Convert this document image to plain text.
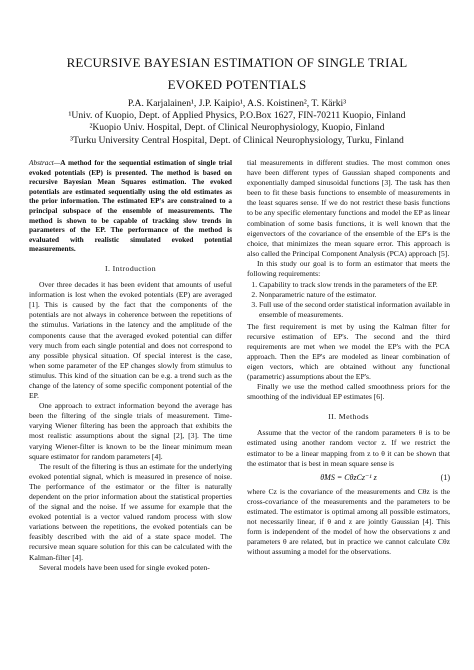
RECURSIVE BAYESIAN ESTIMATION OF SINGLE TRIAL
EVOKED POTENTIALS
P.A. Karjalainen¹, J.P. Kaipio¹, A.S. Koistinen², T. Kärki³
¹Univ. of Kuopio, Dept. of Applied Physics, P.O.Box 1627, FIN-70211 Kuopio, Finland
²Kuopio Univ. Hospital, Dept. of Clinical Neurophysiology, Kuopio, Finland
³Turku University Central Hospital, Dept. of Clinical Neurophysiology, Turku, Finland
Abstract—A method for the sequential estimation of single trial evoked potentials (EP) is presented. The method is based on recursive Bayesian Mean Squares estimation. The evoked potentials are estimated sequentially using the old estimates as the prior information. The estimated EP's are constrained to a principal subspace of the ensemble of measurements. The method is shown to be capable of tracking slow trends in parameters of the EP. The performance of the method is evaluated with realistic simulated evoked potential measurements.
I. Introduction

Over three decades it has been evident that amounts of useful information is lost when the evoked potentials (EP) are averaged [1]. This is caused by the fact that the components of the potentials are not always in coherence between the repetitions of the stimulus. Variations in the latency and the amplitude of the components cause that the averaged evoked potential can differ very much from each single potential and does not correspond to any possible physical situation. Of special interest is the case, when some parameter of the EP changes slowly from stimulus to stimulus. This kind of the situation can be e.g. a trend such as the change of the latency of some specific component potential of the EP.

One approach to extract information beyond the average has been the filtering of the single trials of measurement. Time-varying Wiener filtering has been the approach that exhibits the most realistic assumptions about the signal [2], [3]. The time varying Wiener-filter is known to be the linear minimum mean square estimator for random parameters [4].

The result of the filtering is thus an estimate for the underlying evoked potential signal, which is measured in presence of noise. The performance of the estimator or the filter is naturally dependent on the prior information about the statistical properties of the signal and the noise. If we assume for example that the evoked potential is a vector valued random process with slow variations between the repetitions, the evoked potentials can be feasibly described with the aid of a state space model. The recursive mean square solution for this can be calculated with the Kalman-filter [4].

Several models have been used for single evoked poten-

tial measurements in different studies. The most common ones have been different types of Gaussian shaped components and exponentially damped sinusoidal functions [3]. The task has then been to fit these basis functions to ensemble of measurements in the least squares sense. If we do not restrict these basis functions to be any specific elementary functions and model the EP as linear combination of some basis functions, it is well known that the eigenvectors of the covariance of the ensemble of the EP's is the choice, that minimizes the mean square error. This approach is also called the Principal Component Analysis (PCA) approach [5].

In this study our goal is to form an estimator that meets the following requirements:

1. Capability to track slow trends in the parameters of the EP.
2. Nonparametric nature of the estimator.
3. Full use of the second order statistical information available in ensemble of measurements.

The first requirement is met by using the Kalman filter for recursive estimation of EP's. The second and the third requirements are met when we model the EP's with the PCA approach. Then the EP's are modeled as linear combination of eigen vectors, which are obtained without any functional (parametric) assumptions about the EP's.

Finally we use the method called smoothness priors for the smoothing of the individual EP estimates [6].

II. Methods

Assume that the vector of the random parameters θ is to be estimated using another random vector z. If we restrict the estimator to be a linear mapping from z to θ it can be shown that the estimator that is best in mean square sense is

θ̂MS = CθzCz⁻¹ z	(1)

where Cz is the covariance of the measurements and Cθz is the cross-covariance of the measurements and the parameters to be estimated. The estimator is optimal among all possible estimators, not necessarily linear, if θ and z are jointly Gaussian [4]. This form is independent of the model of how the observations z and parameters θ are related, but in practice we cannot calculate Cθz without assuming a model for the observations.
